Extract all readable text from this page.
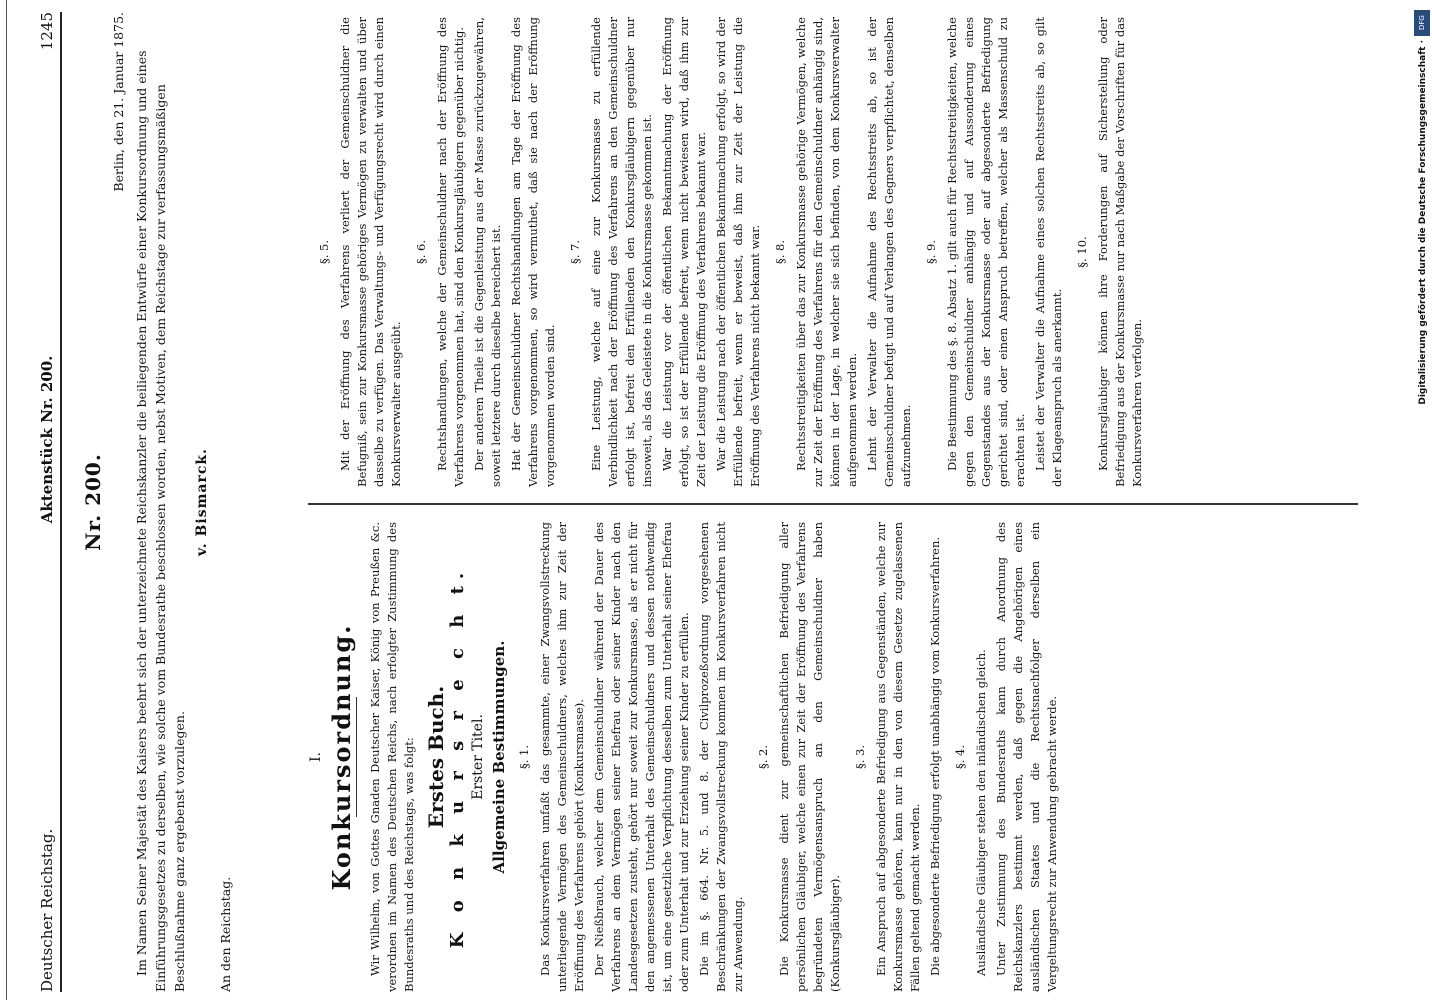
Deutscher Reichstag.
Aktenstück Nr. 200.
1245
Nr. 200.

Berlin, den 21. Januar 1875. Im Namen Seiner Majestät des Kaisers beehrt sich der unterzeichnete Reichskanzler die beiliegenden Entwürfe einer Konkursordnung und eines Einführungsgesetzes zu derselben, wie solche vom Bundesrathe beschlossen worden, nebst Motiven, dem Reichstage zur verfassungsmäßigen Beschlußnahme ganz ergebenst vorzulegen.

v. Bismarck.

An den Reichstag.

I. Konkursordnung. Wir Wilhelm, von Gottes Gnaden Deutscher Kaiser, König von Preußen &c. verordnen im Namen des Deutschen Reichs, nach erfolgter Zustimmung des Bundesraths und des Reichstags, was folgt: Erstes Buch. K o n k u r s r e c h t. Erster Titel. Allgemeine Bestimmungen. §. 1. Das Konkursverfahren umfaßt das gesammte, einer Zwangsvollstreckung unterliegende Vermögen des Gemeinschuldners, welches ihm zur Zeit der Eröffnung des Verfahrens gehört (Konkursmasse). Der Nießbrauch, welcher dem Gemeinschuldner während der Dauer des Verfahrens an dem Vermögen seiner Ehefrau oder seiner Kinder nach den Landesgesetzen zusteht, gehört nur soweit zur Konkursmasse, als er nicht für den angemessenen Unterhalt des Gemeinschuldners und dessen nothwendig ist, um eine gesetzliche Verpflichtung desselben zum Unterhalt seiner Ehefrau oder zum Unterhalt und zur Erziehung seiner Kinder zu erfüllen. Die im §. 664. Nr. 5. und 8. der Civilprozeßordnung vorgesehenen Beschränkungen der Zwangsvollstreckung kommen im Konkursverfahren nicht zur Anwendung.

§. 2. Die Konkursmasse dient zur gemeinschaftlichen Befriedigung aller persönlichen Gläubiger, welche einen zur Zeit der Eröffnung des Verfahrens begründeten Vermögensanspruch an den Gemeinschuldner haben (Konkursgläubiger).

§. 3. Ein Anspruch auf abgesonderte Befriedigung aus Gegenständen, welche zur Konkursmasse gehören, kann nur in den von diesem Gesetze zugelassenen Fällen geltend gemacht werden. Die abgesonderte Befriedigung erfolgt unabhängig vom Konkursverfahren. §. 4. Ausländische Gläubiger stehen den inländischen gleich. Unter Zustimmung des Bundesraths kann durch Anordnung des Reichskanzlers bestimmt werden, daß gegen die Angehörigen eines ausländischen Staates und die Rechtsnachfolger derselben ein Vergeltungsrecht zur Anwendung gebracht werde.

§. 5. Mit der Eröffnung des Verfahrens verliert der Gemeinschuldner die Befugniß, sein zur Konkursmasse gehöriges Vermögen zu verwalten und über dasselbe zu verfügen. Das Verwaltungs- und Verfügungsrecht wird durch einen Konkursverwalter ausgeübt.

§. 6. Rechtshandlungen, welche der Gemeinschuldner nach der Eröffnung des Verfahrens vorgenommen hat, sind den Konkursgläubigern gegenüber nichtig. Der anderen Theile ist die Gegenleistung aus der Masse zurückzugewähren, soweit letztere durch dieselbe bereichert ist. Hat der Gemeinschuldner Rechtshandlungen am Tage der Eröffnung des Verfahrens vorgenommen, so wird vermuthet, daß sie nach der Eröffnung vorgenommen worden sind.

§. 7. Eine Leistung, welche auf eine zur Konkursmasse zu erfüllende Verbindlichkeit nach der Eröffnung des Verfahrens an den Gemeinschuldner erfolgt ist, befreit den Erfüllenden den Konkursgläubigern gegenüber nur insoweit, als das Geleistete in die Konkursmasse gekommen ist. War die Leistung vor der öffentlichen Bekanntmachung der Eröffnung erfolgt, so ist der Erfüllende befreit, wenn nicht bewiesen wird, daß ihm zur Zeit der Leistung die Eröffnung des Verfahrens bekannt war. War die Leistung nach der öffentlichen Bekanntmachung erfolgt, so wird der Erfüllende befreit, wenn er beweist, daß ihm zur Zeit der Leistung die Eröffnung des Verfahrens nicht bekannt war. §. 8. Rechtsstreitigkeiten über das zur Konkursmasse gehörige Vermögen, welche zur Zeit der Eröffnung des Verfahrens für den Gemeinschuldner anhängig sind, können in der Lage, in welcher sie sich befinden, von dem Konkursverwalter aufgenommen werden. Lehnt der Verwalter die Aufnahme des Rechtsstreits ab, so ist der Gemeinschuldner befugt und auf Verlangen des Gegners verpflichtet, denselben aufzunehmen.

§. 9. Die Bestimmung des §. 8. Absatz 1. gilt auch für Rechtsstreitigkeiten, welche gegen den Gemeinschuldner anhängig und auf Aussonderung eines Gegenstandes aus der Konkursmasse oder auf abgesonderte Befriedigung gerichtet sind, oder einen Anspruch betreffen, welcher als Massenschuld zu erachten ist. Leistet der Verwalter die Aufnahme eines solchen Rechtsstreits ab, so gilt der Klageanspruch als anerkannt.

§. 10. Konkursgläubiger können ihre Forderungen auf Sicherstellung oder Befriedigung aus der Konkursmasse nur nach Maßgabe der Vorschriften für das Konkursverfahren verfolgen.

DFG
Digitalisierung gefördert durch die Deutsche Forschungsgemeinschaft ·
